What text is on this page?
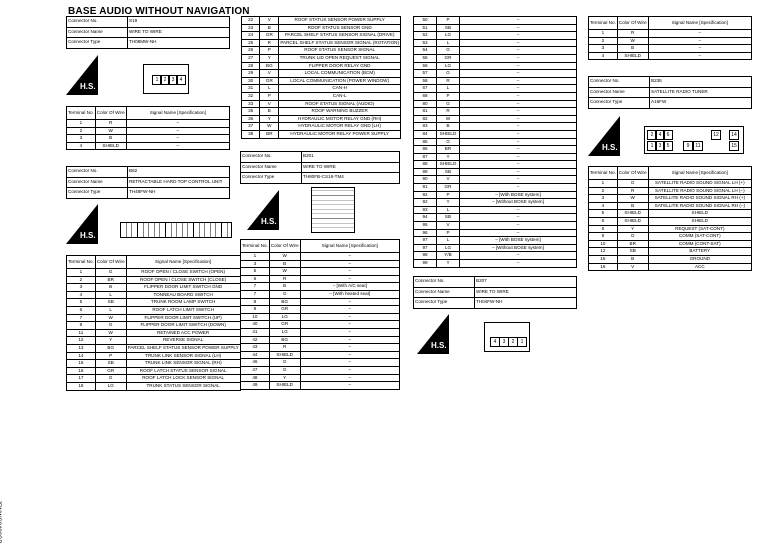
BASE AUDIO WITHOUT NAVIGATION
Connector No.	S19
Connector Name	WIRE TO WIRE
Connector Type	TH08MW-NH
H.S.
1	2	3	4
Terminal No.	Color Of Wire	Signal Name [Specification]
1	R	–
2	W	–
3	B	–
4	SHIELD	–
Connector No.	B62
Connector Name	RETRACTABLE HARD TOP CONTROL UNIT
Connector Type	TH48FW-NH
H.S.
Terminal No.	Color Of Wire	Signal Name [Specification]
1	G	ROOF OPEN / CLOSE SWITCH (OPEN)
2	BR	ROOF OPEN / CLOSE SWITCH (CLOSE)
3	B	FLIPPER DOOR LIMIT SWITCH GND
4	L	TONNEAU BOARD SWITCH
5	SB	TRUNK ROOM LAMP SWITCH
6	L	ROOF LATCH LIMIT SWITCH
7	W	FLIPPER DOOR LIMIT SWITCH (UP)
8	G	FLIPPER DOOR LIMIT SWITCH (DOWN)
11	W	RETAINED ACC POWER
12	Y	REVERSE SIGNAL
13	BG	PARCEL SHELF STATUS SENSOR POWER SUPPLY
14	P	TRUNK LINK SENSOR SIGNAL (LH)
15	SB	TRUNK LINK SENSOR SIGNAL (RH)
16	GR	ROOF LATCH STATUS SENSOR SIGNAL
17	G	ROOF LATCH LOCK SENSOR SIGNAL
18	LG	TRUNK STATUS SENSOR SIGNAL
22	V	ROOF STATUS SENSOR POWER SUPPLY
23	B	ROOF STATUS SENSOR GND
24	GR	PARCEL SHELF STATUS SENSOR SIGNAL (DRIVE)
25	R	PARCEL SHELF STATUS SENSOR SIGNAL (ROTATION)
26	P	ROOF STATUS SENSOR SIGNAL
27	Y	TRUNK LID OPEN REQUEST SIGNAL
28	BG	FLIPPER DOOR RELAY GND
29	V	LOCAL COMMUNICATION (BCM)
30	GR	LOCAL COMMUNICATION (POWER WINDOW)
31	L	CAN-H
32	P	CAN-L
33	V	ROOF STATUS SIGNAL (AUDIO)
35	B	ROOF WARNING BUZZER
36	Y	HYDRAULIC MOTOR RELAY GND (RH)
37	W	HYDRAULIC MOTOR RELAY GND (LH)
38	BR	HYDRAULIC MOTOR RELAY POWER SUPPLY
Connector No.	B201
Connector Name	WIRE TO WIRE
Connector Type	TH80FB-CS16-TM4
H.S.
Terminal No.	Color Of Wire	Signal Name [Specification]
1	W	–
3	B	–
5	W	–
6	R	–
7	B	– [With A/C seat]
7	G	– [With heated seat]
8	BG	–
9	GR	–
10	LG	–
40	GR	–
41	LG	–
42	BG	–
43	R	–
44	SHIELD	–
46	G	–
47	G	–
48	Y	–
49	SHIELD	–
50	P	–
51	SB	–
52	LG	–
53	L	–
54	G	–
55	GR	–
56	LG	–
57	G	–
58	R	–
67	L	–
68	P	–
80	G	–
81	R	–
82	W	–
83	B	–
84	SHIELD	–
85	G	–
86	BR	–
87	Y	–
88	SHIELD	–
89	SB	–
90	V	–
91	GR	–
92	P	– [With BOSE system]
92	Y	– [Without BOSE system]
93	L	–
94	SB	–
95	V	–
96	P	–
97	L	– [With BOSE system]
97	LG	– [Without BOSE system]
98	Y/B	–
99	Y	–
Connector No.	B207
Connector Name	WIRE TO WIRE
Connector Type	TH04FW-NH
H.S.	4	3	2	1
Terminal No.	Color Of Wire	Signal Name [Specification]
1	R	–
2	W	–
3	B	–
4	SHIELD	–
Connector No.	B236
Connector Name	SATELLITE RADIO TUNER
Connector Type	A16FW
H.S.
2	4	6	12	14
1	3	5	9	11	15
Terminal No.	Color Of Wire	Signal Name [Specification]
1	G	SATELLITE RADIO SOUND SIGNAL LH (+)
2	R	SATELLITE RADIO SOUND SIGNAL LH (–)
3	W	SATELLITE RADIO SOUND SIGNAL RH (+)
4	B	SATELLITE RADIO SOUND SIGNAL RH (–)
5	SHIELD	SHIELD
6	SHIELD	SHIELD
8	Y	REQUEST (SAT-CONT)
9	O	COMM (SAT-CONT)
10	BR	COMM (CONT-SAT)
12	SB	BATTERY
15	B	GROUND
16	V	ACC
